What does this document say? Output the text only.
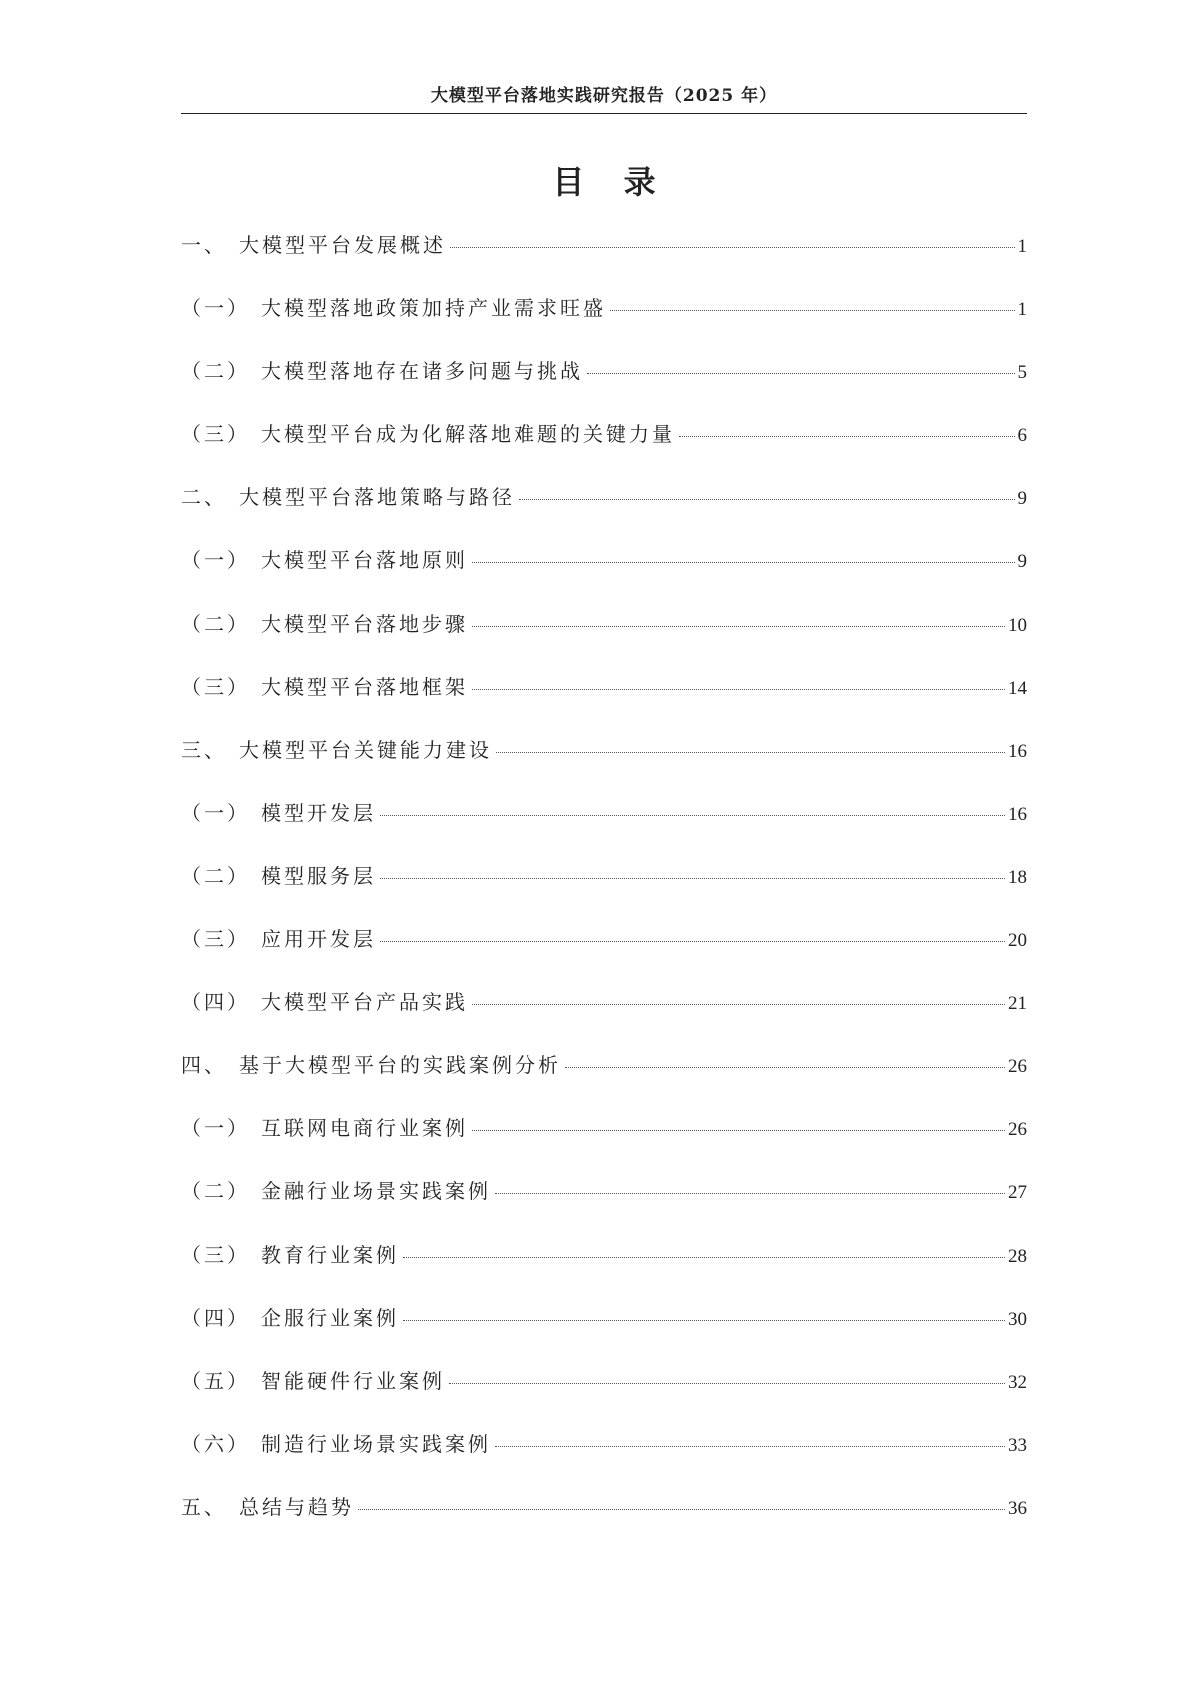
大模型平台落地实践研究报告（2025 年）
目 录
一、 大模型平台发展概述	1
（一） 大模型落地政策加持产业需求旺盛	1
（二） 大模型落地存在诸多问题与挑战	5
（三） 大模型平台成为化解落地难题的关键力量	6
二、 大模型平台落地策略与路径	9
（一） 大模型平台落地原则	9
（二） 大模型平台落地步骤	10
（三） 大模型平台落地框架	14
三、 大模型平台关键能力建设	16
（一） 模型开发层	16
（二） 模型服务层	18
（三） 应用开发层	20
（四） 大模型平台产品实践	21
四、 基于大模型平台的实践案例分析	26
（一） 互联网电商行业案例	26
（二） 金融行业场景实践案例	27
（三） 教育行业案例	28
（四） 企服行业案例	30
（五） 智能硬件行业案例	32
（六） 制造行业场景实践案例	33
五、 总结与趋势	36
